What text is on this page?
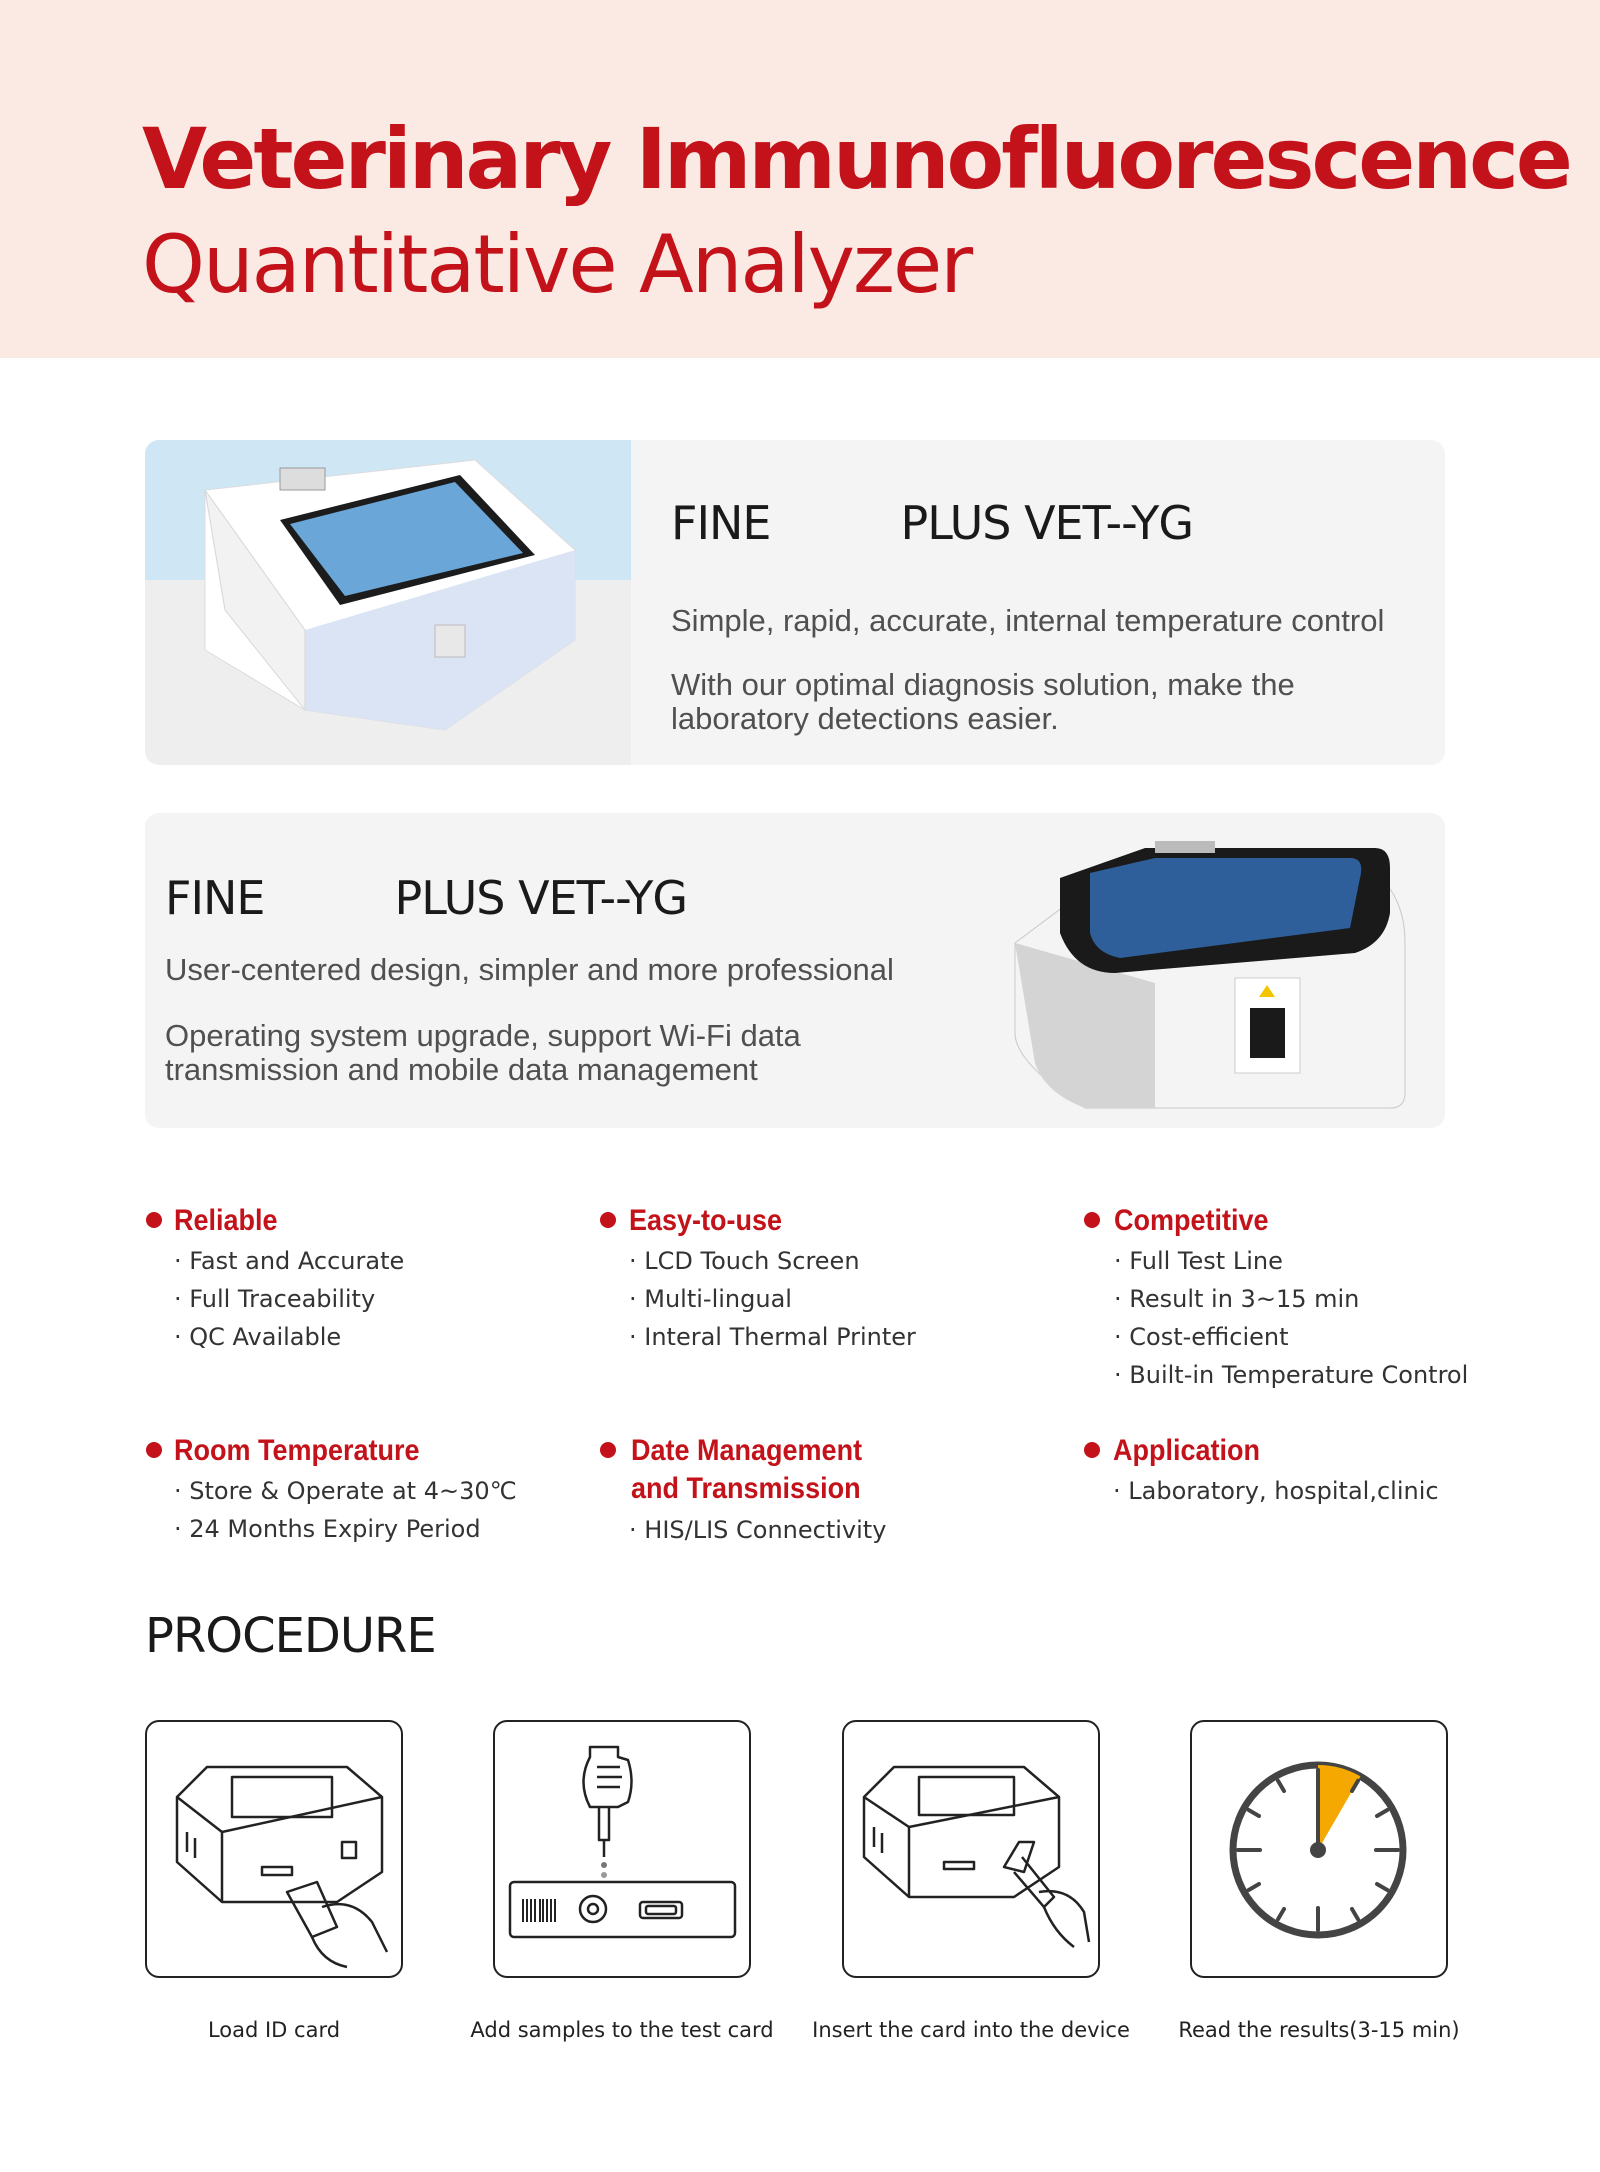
Veterinary Immunofluorescence
Quantitative Analyzer
FINE	PLUS VET--YG
Simple, rapid, accurate, internal temperature control
With our optimal diagnosis solution, make the laboratory detections easier.
FINE	PLUS VET--YG
User-centered design, simpler and more professional
Operating system upgrade, support Wi-Fi data transmission and mobile data management
Reliable
· Fast and Accurate
· Full Traceability
· QC Available
Easy-to-use
· LCD Touch Screen
· Multi-lingual
· Interal Thermal Printer
Competitive
· Full Test Line
· Result in 3~15 min
· Cost-efficient
· Built-in Temperature Control
Room Temperature
· Store & Operate at 4~30℃
· 24 Months Expiry Period
Date Management
and Transmission
· HIS/LIS Connectivity
Application
· Laboratory, hospital,clinic
PROCEDURE
Load ID card	Add samples to the test card	Insert the card into the device	Read the results(3-15 min)
